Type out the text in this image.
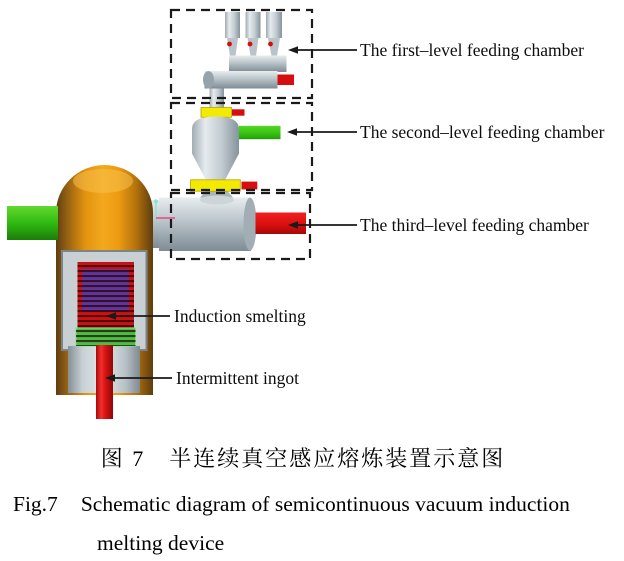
The first–level feeding chamber
The second–level feeding chamber
The third–level feeding chamber
Induction smelting
Intermittent ingot
图 7　半连续真空感应熔炼装置示意图
Fig.7 Schematic diagram of semicontinuous vacuum induction
melting device
